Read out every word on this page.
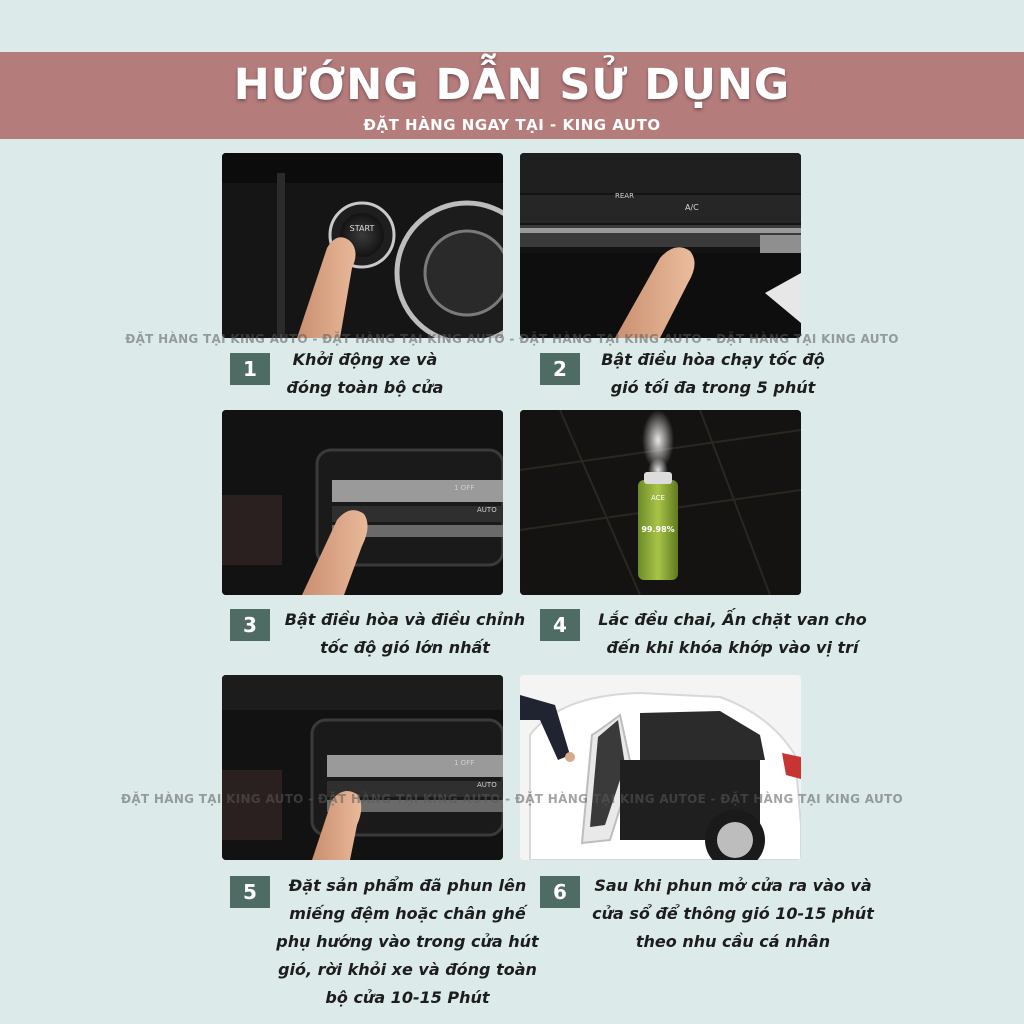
HƯỚNG DẪN SỬ DỤNG
ĐẶT HÀNG NGAY TẠI - KING AUTO
START
REAR
A/C
1 OFF
AUTO
ACE
99.98%
1 OFF
AUTO
ĐẶT HÀNG TẠI KING AUTO - ĐẶT HÀNG TẠI KING AUTO - ĐẶT HÀNG TẠI KING AUTO - ĐẶT HÀNG TẠI KING AUTO
ĐẶT HÀNG TẠI KING AUTO - ĐẶT HÀNG TẠI KING AUTO - ĐẶT HÀNG TẠI KING AUTOE - ĐẶT HÀNG TẠI KING AUTO
1	Khởi động xe và đóng toàn bộ cửa
2	Bật điều hòa chạy tốc độ gió tối đa trong 5 phút
3	Bật điều hòa và điều chỉnh tốc độ gió lớn nhất
4	Lắc đều chai, Ấn chặt van cho đến khi khóa khớp vào vị trí
5	Đặt sản phẩm đã phun lên miếng đệm hoặc chân ghế phụ hướng vào trong cửa hút gió, rời khỏi xe và đóng toàn bộ cửa 10-15 Phút
6	Sau khi phun mở cửa ra vào và cửa sổ để thông gió 10-15 phút theo nhu cầu cá nhân
